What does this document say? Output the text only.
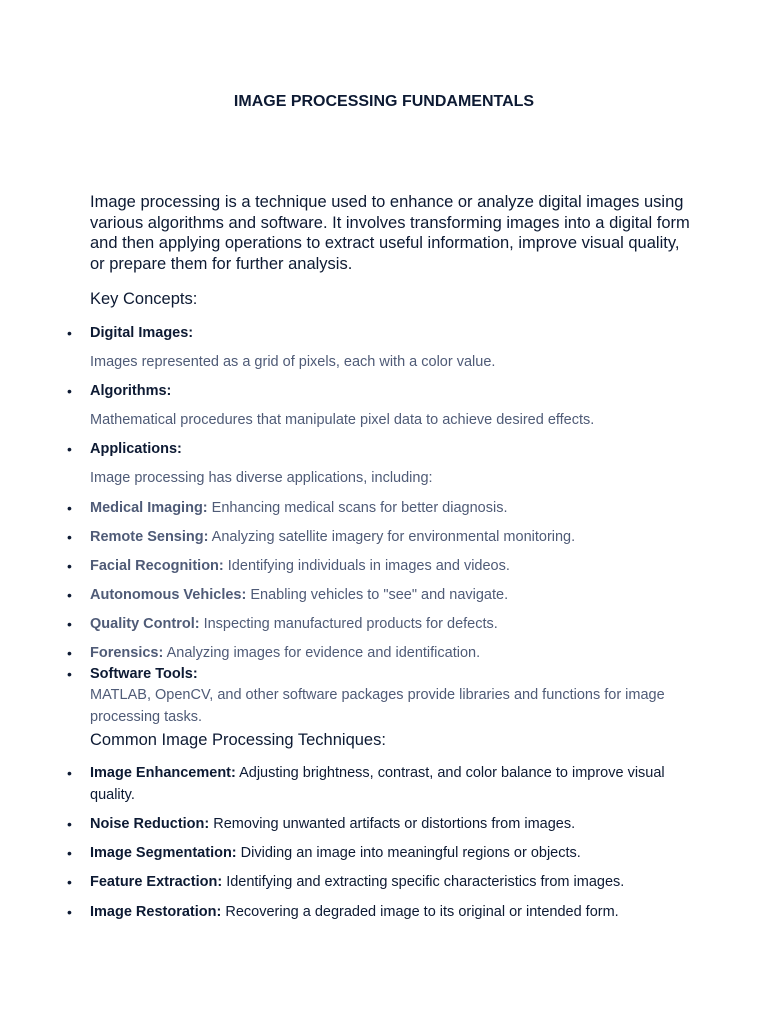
IMAGE PROCESSING FUNDAMENTALS

Image processing is a technique used to enhance or analyze digital images using various algorithms and software. It involves transforming images into a digital form and then applying operations to extract useful information, improve visual quality, or prepare them for further analysis.

Key Concepts:

• Digital Images:
Images represented as a grid of pixels, each with a color value.
• Algorithms:
Mathematical procedures that manipulate pixel data to achieve desired effects.
• Applications:
Image processing has diverse applications, including:
• Medical Imaging: Enhancing medical scans for better diagnosis.
• Remote Sensing: Analyzing satellite imagery for environmental monitoring.
• Facial Recognition: Identifying individuals in images and videos.
• Autonomous Vehicles: Enabling vehicles to "see" and navigate.
• Quality Control: Inspecting manufactured products for defects.
• Forensics: Analyzing images for evidence and identification.
• Software Tools:
MATLAB, OpenCV, and other software packages provide libraries and functions for image processing tasks.

Common Image Processing Techniques:

• Image Enhancement: Adjusting brightness, contrast, and color balance to improve visual quality.
• Noise Reduction: Removing unwanted artifacts or distortions from images.
• Image Segmentation: Dividing an image into meaningful regions or objects.
• Feature Extraction: Identifying and extracting specific characteristics from images.
• Image Restoration: Recovering a degraded image to its original or intended form.
